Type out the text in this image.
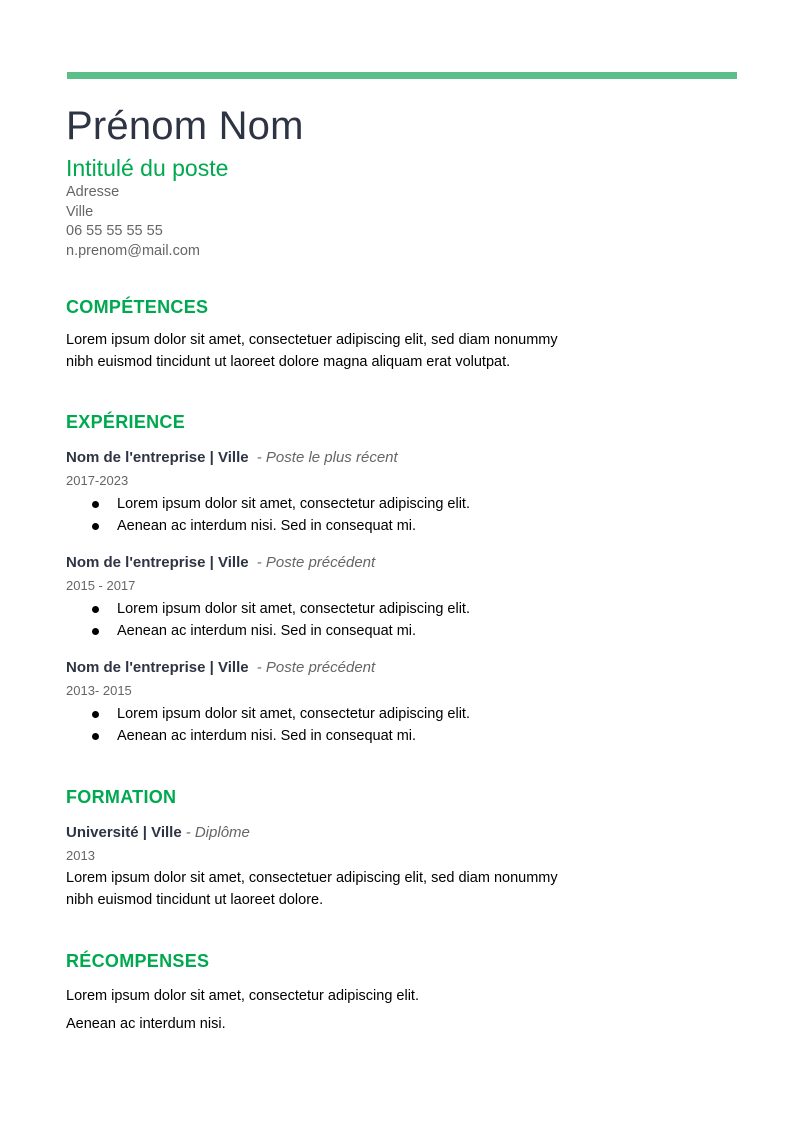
Prénom Nom
Intitulé du poste
Adresse
Ville
06 55 55 55 55
n.prenom@mail.com
COMPÉTENCES
Lorem ipsum dolor sit amet, consectetuer adipiscing elit, sed diam nonummy
nibh euismod tincidunt ut laoreet dolore magna aliquam erat volutpat.
EXPÉRIENCE
Nom de l'entreprise | Ville - Poste le plus récent
2017-2023
Lorem ipsum dolor sit amet, consectetur adipiscing elit.
Aenean ac interdum nisi. Sed in consequat mi.
Nom de l'entreprise | Ville - Poste précédent
2015 - 2017
Lorem ipsum dolor sit amet, consectetur adipiscing elit.
Aenean ac interdum nisi. Sed in consequat mi.
Nom de l'entreprise | Ville - Poste précédent
2013- 2015
Lorem ipsum dolor sit amet, consectetur adipiscing elit.
Aenean ac interdum nisi. Sed in consequat mi.
FORMATION
Université | Ville - Diplôme
2013
Lorem ipsum dolor sit amet, consectetuer adipiscing elit, sed diam nonummy
nibh euismod tincidunt ut laoreet dolore.
RÉCOMPENSES
Lorem ipsum dolor sit amet, consectetur adipiscing elit.
Aenean ac interdum nisi.
